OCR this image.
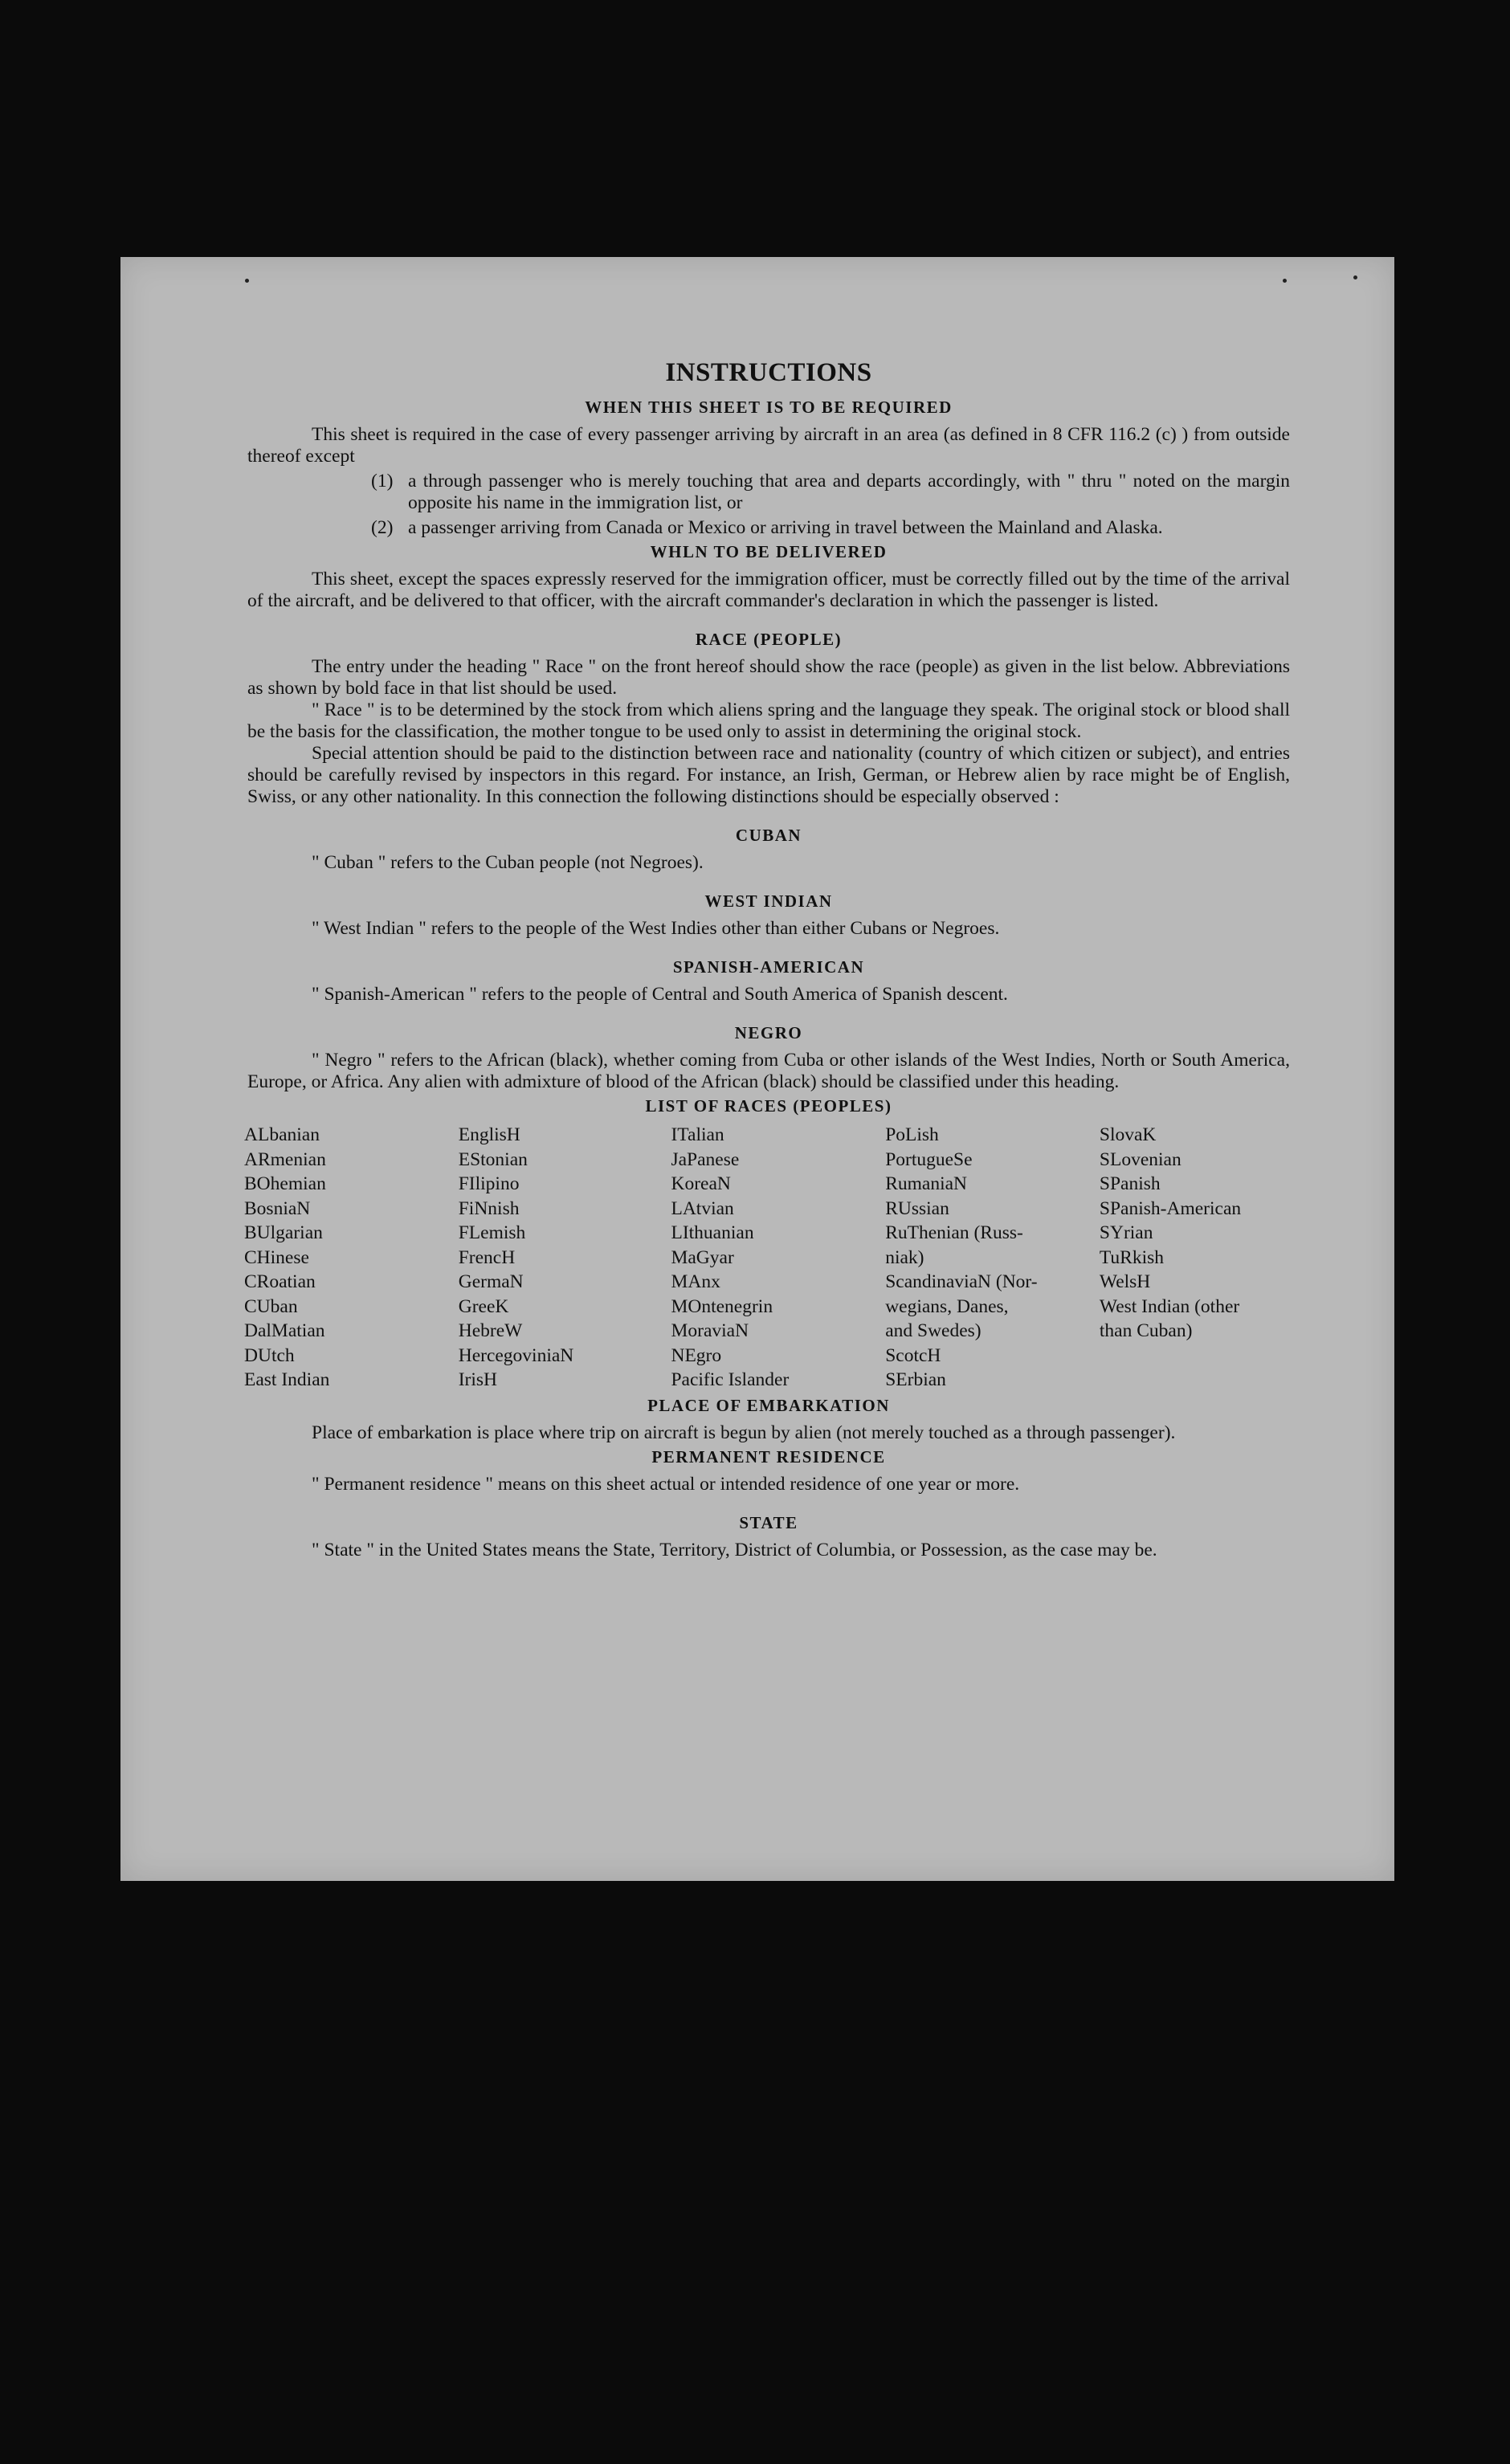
INSTRUCTIONS
WHEN THIS SHEET IS TO BE REQUIRED

This sheet is required in the case of every passenger arriving by aircraft in an area (as defined in 8 CFR 116.2 (c) ) from outside thereof except

(1) a through passenger who is merely touching that area and departs accordingly, with " thru " noted on the margin opposite his name in the immigration list, or
(2) a passenger arriving from Canada or Mexico or arriving in travel between the Mainland and Alaska.
WHLN TO BE DELIVERED

This sheet, except the spaces expressly reserved for the immigration officer, must be correctly filled out by the time of the arrival of the aircraft, and be delivered to that officer, with the aircraft commander's declaration in which the passenger is listed.

RACE (PEOPLE)

The entry under the heading " Race " on the front hereof should show the race (people) as given in the list below. Abbreviations as shown by bold face in that list should be used.

" Race " is to be determined by the stock from which aliens spring and the language they speak. The original stock or blood shall be the basis for the classification, the mother tongue to be used only to assist in determining the original stock.

Special attention should be paid to the distinction between race and nationality (country of which citizen or subject), and entries should be carefully revised by inspectors in this regard. For instance, an Irish, German, or Hebrew alien by race might be of English, Swiss, or any other nationality. In this connection the following distinctions should be especially observed :

CUBAN

" Cuban " refers to the Cuban people (not Negroes).

WEST INDIAN

" West Indian " refers to the people of the West Indies other than either Cubans or Negroes.

SPANISH-AMERICAN

" Spanish-American " refers to the people of Central and South America of Spanish descent.

NEGRO

" Negro " refers to the African (black), whether coming from Cuba or other islands of the West Indies, North or South America, Europe, or Africa. Any alien with admixture of blood of the African (black) should be classified under this heading.

LIST OF RACES (PEOPLES)
ALbanian
ARmenian
BOhemian
BosniaN
BUlgarian
CHinese
CRoatian
CUban
DalMatian
DUtch
East Indian
EnglisH
EStonian
FIlipino
FiNnish
FLemish
FrencH
GermaN
GreeK
HebreW
HercegoviniaN
IrisH
ITalian
JaPanese
KoreaN
LAtvian
LIthuanian
MaGyar
MAnx
MOntenegrin
MoraviaN
NEgro
Pacific Islander
PoLish
PortugueSe
RumaniaN
RUssian
RuThenian (Russ-
niak)
ScandinaviaN (Nor-
wegians, Danes,
and Swedes)
ScotcH
SErbian
SlovaK
SLovenian
SPanish
SPanish-American
SYrian
TuRkish
WelsH
West Indian (other
than Cuban)
PLACE OF EMBARKATION

Place of embarkation is place where trip on aircraft is begun by alien (not merely touched as a through passenger).

PERMANENT RESIDENCE

" Permanent residence " means on this sheet actual or intended residence of one year or more.

STATE

" State " in the United States means the State, Territory, District of Columbia, or Possession, as the case may be.
